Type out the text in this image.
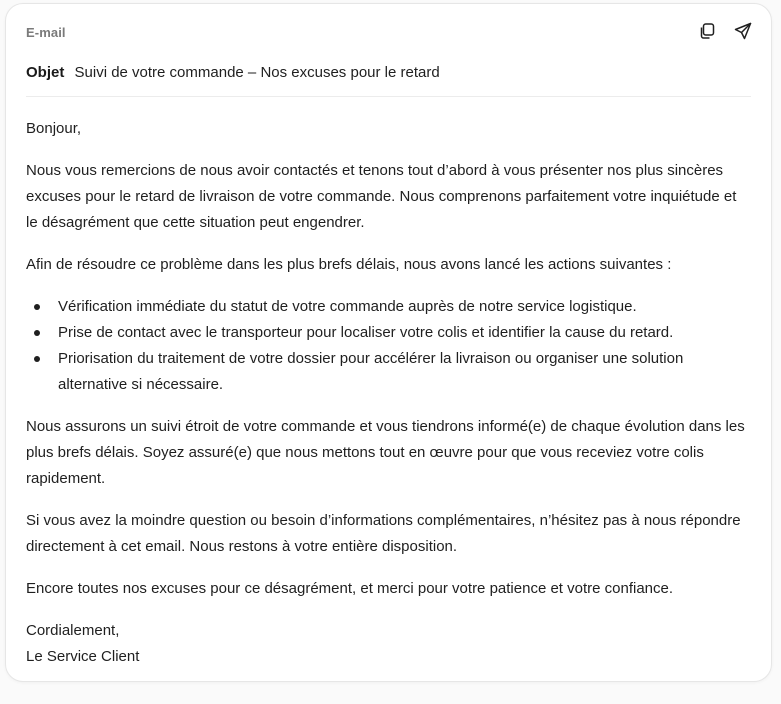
E-mail
Objet Suivi de votre commande – Nos excuses pour le retard

Bonjour,

Nous vous remercions de nous avoir contactés et tenons tout d’abord à vous présenter nos plus sincères excuses pour le retard de livraison de votre commande. Nous comprenons parfaitement votre inquiétude et le désagrément que cette situation peut engendrer.

Afin de résoudre ce problème dans les plus brefs délais, nous avons lancé les actions suivantes :

Vérification immédiate du statut de votre commande auprès de notre service logistique.
Prise de contact avec le transporteur pour localiser votre colis et identifier la cause du retard.
Priorisation du traitement de votre dossier pour accélérer la livraison ou organiser une solution alternative si nécessaire.

Nous assurons un suivi étroit de votre commande et vous tiendrons informé(e) de chaque évolution dans les plus brefs délais. Soyez assuré(e) que nous mettons tout en œuvre pour que vous receviez votre colis rapidement.

Si vous avez la moindre question ou besoin d’informations complémentaires, n’hésitez pas à nous répondre directement à cet email. Nous restons à votre entière disposition.

Encore toutes nos excuses pour ce désagrément, et merci pour votre patience et votre confiance.

Cordialement,

Le Service Client
